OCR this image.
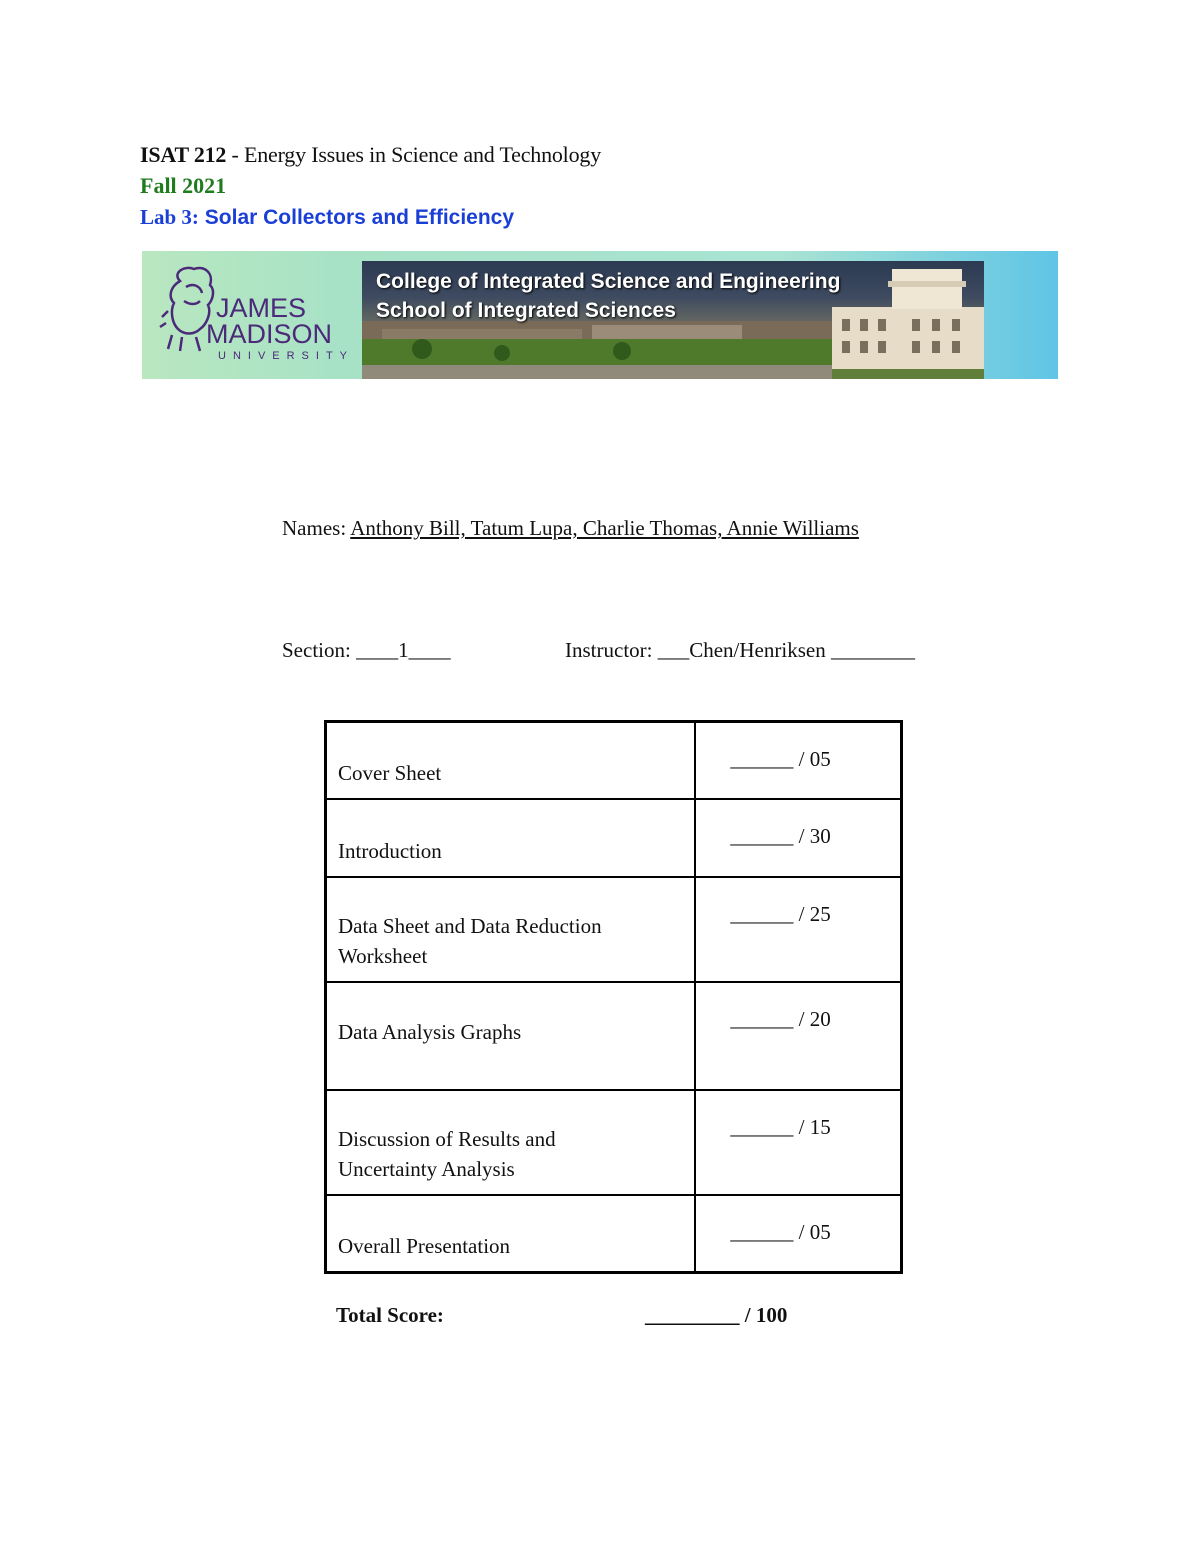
ISAT 212 - Energy Issues in Science and Technology
Fall 2021
Lab 3: Solar Collectors and Efficiency
JAMES
MADISON
UNIVERSITY
College of Integrated Science and Engineering
School of Integrated Sciences
Names: Anthony Bill, Tatum Lupa, Charlie Thomas, Annie Williams
Section: ____1____	Instructor: ___Chen/Henriksen ________
Cover Sheet	______ / 05

Introduction	______ / 30

Data Sheet and Data Reduction Worksheet	______ / 25

Data Analysis Graphs	______ / 20

Discussion of Results and Uncertainty Analysis	______ / 15

Overall Presentation	______ / 05
Total Score:	_________ / 100
